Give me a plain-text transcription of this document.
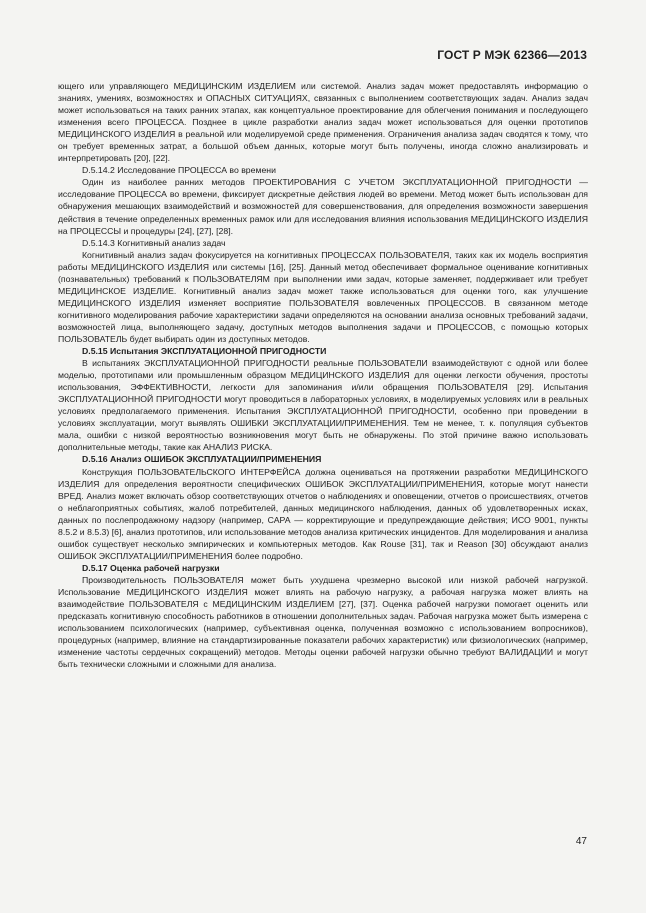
ГОСТ Р МЭК 62366—2013

ющего или управляющего МЕДИЦИНСКИМ ИЗДЕЛИЕМ или системой. Анализ задач может предоставлять информацию о знаниях, умениях, возможностях и ОПАСНЫХ СИТУАЦИЯХ, связанных с выполнением соответствующих задач. Анализ задач может использоваться на таких ранних этапах, как концептуальное проектирование для облегчения понимания и последующего изменения всего ПРОЦЕССА. Позднее в цикле разработки анализ задач может использоваться для оценки прототипов МЕДИЦИНСКОГО ИЗДЕЛИЯ в реальной или моделируемой среде применения. Ограничения анализа задач сводятся к тому, что он требует временных затрат, а большой объем данных, которые могут быть получены, иногда сложно анализировать и интерпретировать [20], [22].

D.5.14.2 Исследование ПРОЦЕССА во времени

Один из наиболее ранних методов ПРОЕКТИРОВАНИЯ С УЧЕТОМ ЭКСПЛУАТАЦИОННОЙ ПРИГОДНОСТИ — исследование ПРОЦЕССА во времени, фиксирует дискретные действия людей во времени. Метод может быть использован для обнаружения мешающих взаимодействий и возможностей для совершенствования, для определения возможности завершения действия в течение определенных временных рамок или для исследования влияния использования МЕДИЦИНСКОГО ИЗДЕЛИЯ на ПРОЦЕССЫ и процедуры [24], [27], [28].

D.5.14.3 Когнитивный анализ задач

Когнитивный анализ задач фокусируется на когнитивных ПРОЦЕССАХ ПОЛЬЗОВАТЕЛЯ, таких как их модель восприятия работы МЕДИЦИНСКОГО ИЗДЕЛИЯ или системы [16], [25]. Данный метод обеспечивает формальное оценивание когнитивных (познавательных) требований к ПОЛЬЗОВАТЕЛЯМ при выполнении ими задач, которые заменяет, поддерживает или требует МЕДИЦИНСКОЕ ИЗДЕЛИЕ. Когнитивный анализ задач может также использоваться для оценки того, как улучшение МЕДИЦИНСКОГО ИЗДЕЛИЯ изменяет восприятие ПОЛЬЗОВАТЕЛЯ вовлеченных ПРОЦЕССОВ. В связанном методе когнитивного моделирования рабочие характеристики задачи определяются на основании анализа основных требований задачи, возможностей лица, выполняющего задачу, доступных методов выполнения задачи и ПРОЦЕССОВ, с помощью которых ПОЛЬЗОВАТЕЛЬ будет выбирать один из доступных методов.

D.5.15 Испытания ЭКСПЛУАТАЦИОННОЙ ПРИГОДНОСТИ

В испытаниях ЭКСПЛУАТАЦИОННОЙ ПРИГОДНОСТИ реальные ПОЛЬЗОВАТЕЛИ взаимодействуют с одной или более моделью, прототипами или промышленным образцом МЕДИЦИНСКОГО ИЗДЕЛИЯ для оценки легкости обучения, простоты использования, ЭФФЕКТИВНОСТИ, легкости для запоминания и/или обращения ПОЛЬЗОВАТЕЛЯ [29]. Испытания ЭКСПЛУАТАЦИОННОЙ ПРИГОДНОСТИ могут проводиться в лабораторных условиях, в моделируемых условиях или в реальных условиях предполагаемого применения. Испытания ЭКСПЛУАТАЦИОННОЙ ПРИГОДНОСТИ, особенно при проведении в условиях эксплуатации, могут выявлять ОШИБКИ ЭКСПЛУАТАЦИИ/ПРИМЕНЕНИЯ. Тем не менее, т. к. популяция субъектов мала, ошибки с низкой вероятностью возникновения могут быть не обнаружены. По этой причине важно использовать дополнительные методы, такие как АНАЛИЗ РИСКА.

D.5.16 Анализ ОШИБОК ЭКСПЛУАТАЦИИ/ПРИМЕНЕНИЯ

Конструкция ПОЛЬЗОВАТЕЛЬСКОГО ИНТЕРФЕЙСА должна оцениваться на протяжении разработки МЕДИЦИНСКОГО ИЗДЕЛИЯ для определения вероятности специфических ОШИБОК ЭКСПЛУАТАЦИИ/ПРИМЕНЕНИЯ, которые могут нанести ВРЕД. Анализ может включать обзор соответствующих отчетов о наблюдениях и оповещении, отчетов о происшествиях, отчетов о неблагоприятных событиях, жалоб потребителей, данных медицинского наблюдения, данных об удовлетворенных исках, данных по послепродажному надзору (например, САРА — корректирующие и предупреждающие действия; ИСО 9001, пункты 8.5.2 и 8.5.3) [6], анализ прототипов, или использование методов анализа критических инцидентов. Для моделирования и анализа ошибок существует несколько эмпирических и компьютерных методов. Как Rouse [31], так и Reason [30] обсуждают анализ ОШИБОК ЭКСПЛУАТАЦИИ/ПРИМЕНЕНИЯ более подробно.

D.5.17 Оценка рабочей нагрузки

Производительность ПОЛЬЗОВАТЕЛЯ может быть ухудшена чрезмерно высокой или низкой рабочей нагрузкой. Использование МЕДИЦИНСКОГО ИЗДЕЛИЯ может влиять на рабочую нагрузку, а рабочая нагрузка может влиять на взаимодействие ПОЛЬЗОВАТЕЛЯ с МЕДИЦИНСКИМ ИЗДЕЛИЕМ [27], [37]. Оценка рабочей нагрузки помогает оценить или предсказать когнитивную способность работников в отношении дополнительных задач. Рабочая нагрузка может быть измерена с использованием психологических (например, субъективная оценка, полученная возможно с использованием вопросников), процедурных (например, влияние на стандартизированные показатели рабочих характеристик) или физиологических (например, изменение частоты сердечных сокращений) методов. Методы оценки рабочей нагрузки обычно требуют ВАЛИДАЦИИ и могут быть технически сложными и сложными для анализа.

47
